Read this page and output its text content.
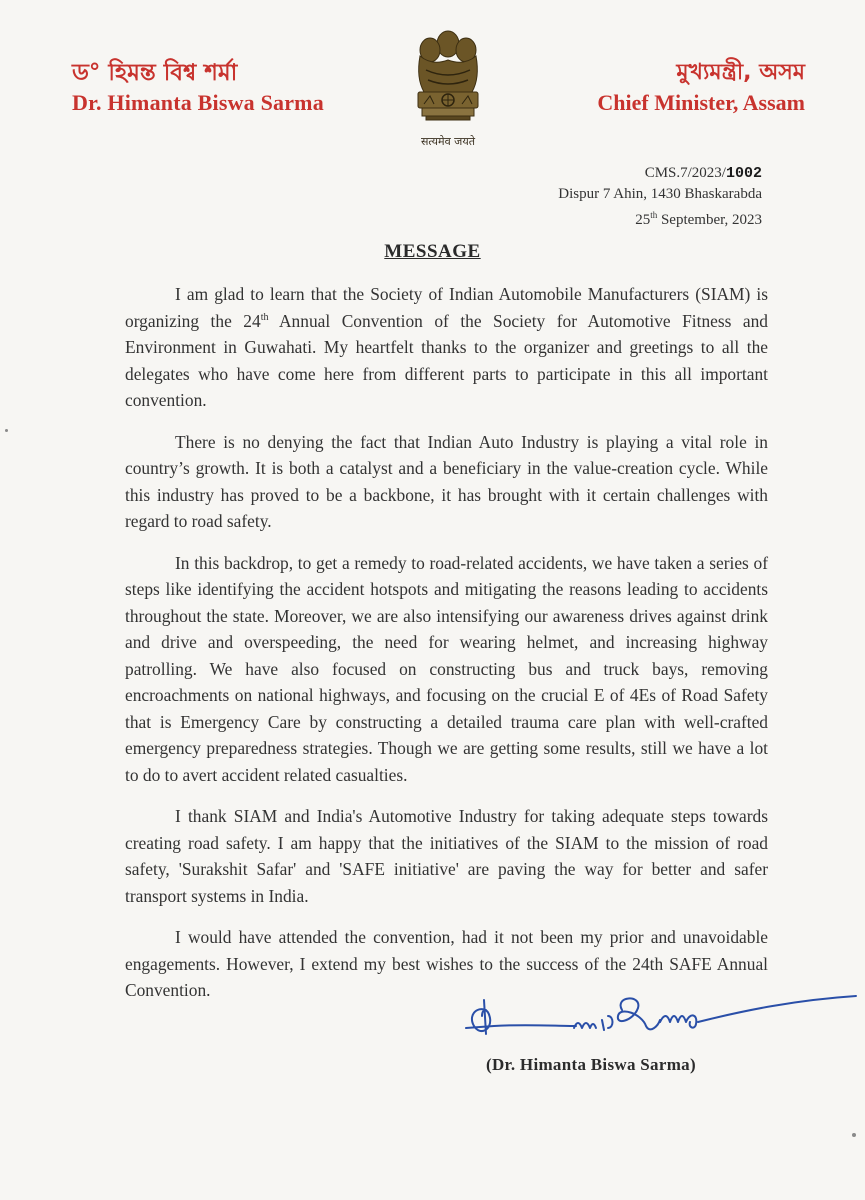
ড° হিমন্ত বিশ্ব শৰ্মা
Dr. Himanta Biswa Sarma
सत्यमेव जयते
মুখ্যমন্ত্ৰী, অসম
Chief Minister, Assam
CMS.7/2023/1002
Dispur 7 Ahin, 1430 Bhaskarabda
25th September, 2023
MESSAGE

I am glad to learn that the Society of Indian Automobile Manufacturers (SIAM) is organizing the 24th Annual Convention of the Society for Automotive Fitness and Environment in Guwahati. My heartfelt thanks to the organizer and greetings to all the delegates who have come here from different parts to participate in this all important convention.

There is no denying the fact that Indian Auto Industry is playing a vital role in country’s growth. It is both a catalyst and a beneficiary in the value-creation cycle. While this industry has proved to be a backbone, it has brought with it certain challenges with regard to road safety.

In this backdrop, to get a remedy to road-related accidents, we have taken a series of steps like identifying the accident hotspots and mitigating the reasons leading to accidents throughout the state. Moreover, we are also intensifying our awareness drives against drink and drive and overspeeding, the need for wearing helmet, and increasing highway patrolling. We have also focused on constructing bus and truck bays, removing encroachments on national highways, and focusing on the crucial E of 4Es of Road Safety that is Emergency Care by constructing a detailed trauma care plan with well-crafted emergency preparedness strategies. Though we are getting some results, still we have a lot to do to avert accident related casualties.

I thank SIAM and India's Automotive Industry for taking adequate steps towards creating road safety. I am happy that the initiatives of the SIAM to the mission of road safety, 'Surakshit Safar' and 'SAFE initiative' are paving the way for better and safer transport systems in India.

I would have attended the convention, had it not been my prior and unavoidable engagements. However, I extend my best wishes to the success of the 24th SAFE Annual Convention.

(Dr. Himanta Biswa Sarma)
